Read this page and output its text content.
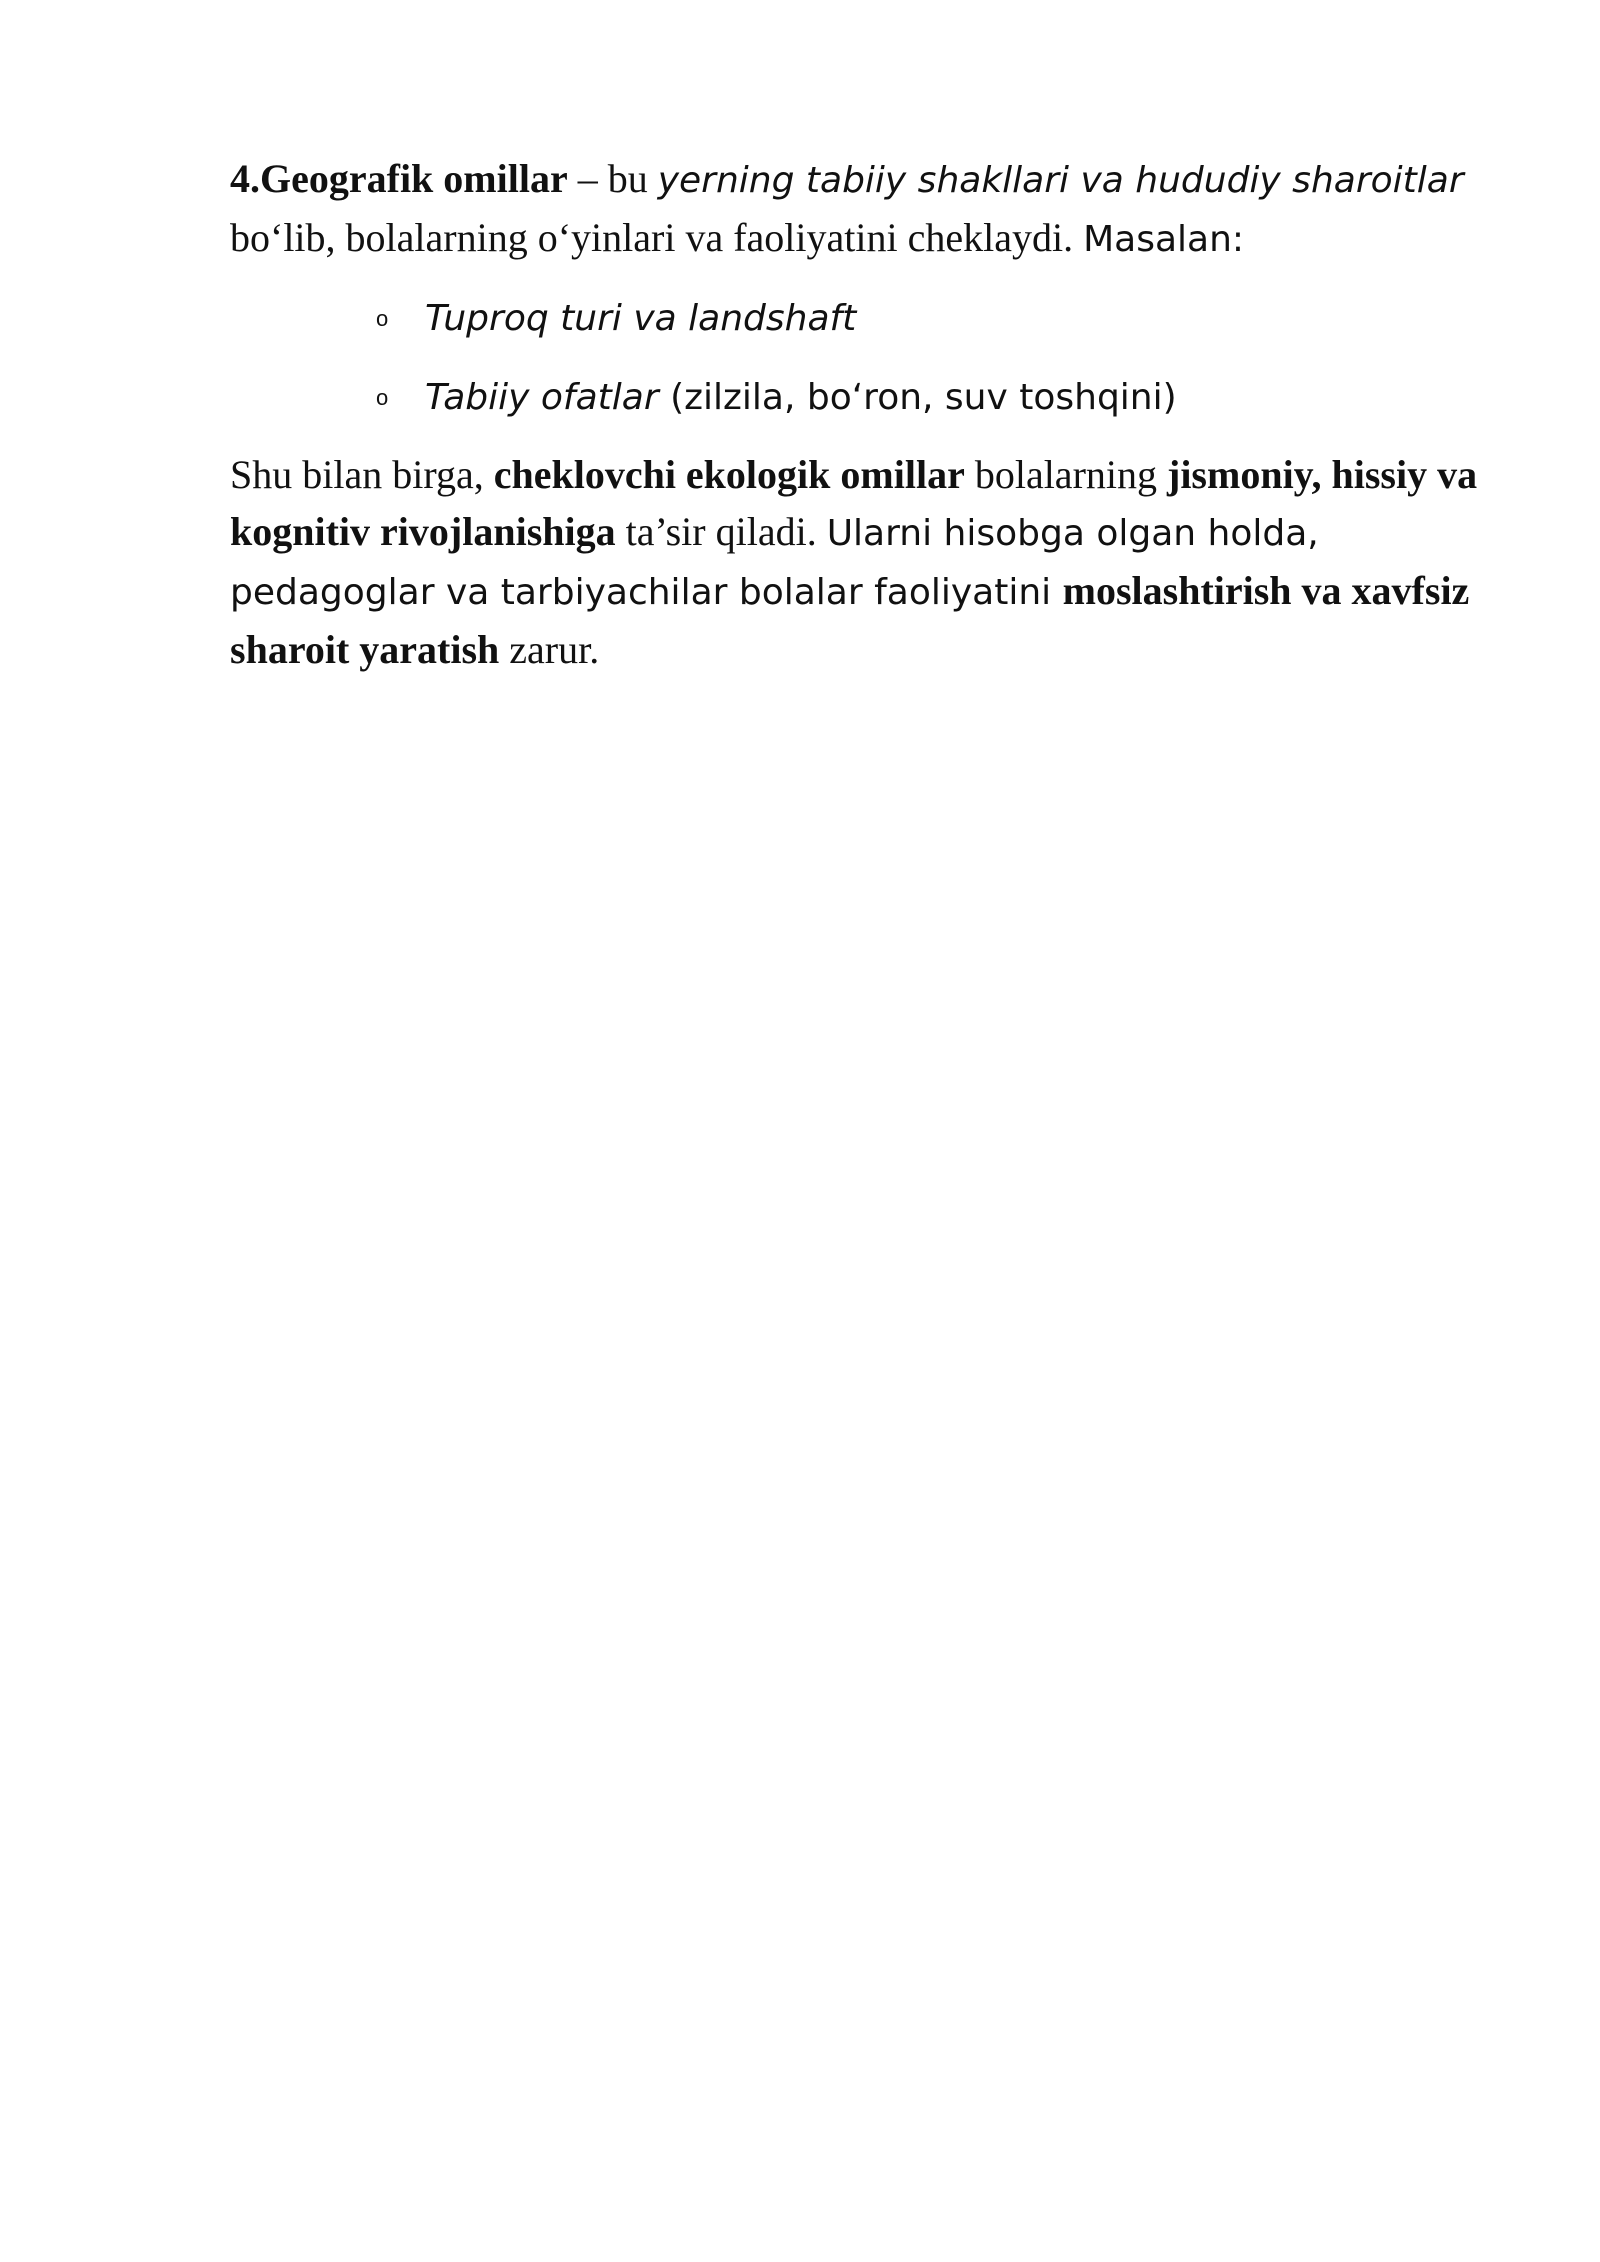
4.Geografik omillar – bu yerning tabiiy shakllari va hududiy sharoitlar bo‘lib, bolalarning o‘yinlari va faoliyatini cheklaydi. Masalan:

o Tuproq turi va landshaft
o Tabiiy ofatlar (zilzila, bo‘ron, suv toshqini)

Shu bilan birga, cheklovchi ekologik omillar bolalarning jismoniy, hissiy va kognitiv rivojlanishiga ta’sir qiladi. Ularni hisobga olgan holda, pedagoglar va tarbiyachilar bolalar faoliyatini moslashtirish va xavfsiz sharoit yaratish zarur.
